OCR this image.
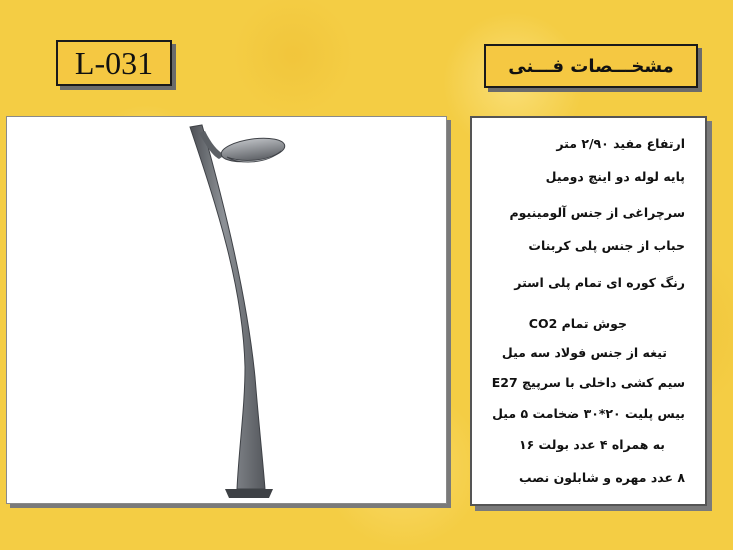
L-031	مشخـــصات فـــنی
ارتفاع مفید ۲/۹۰ متر
پایه لوله دو اینچ دومیل
سرچراغی از جنس آلومینیوم
حباب از جنس پلی کربنات
رنگ کوره ای تمام پلی استر
جوش تمام CO2
تیغه از جنس فولاد سه میل
سیم کشی داخلی با سرپیچ E27
بیس پلیت ۲۰*۳۰ ضخامت ۵ میل
به همراه ۴ عدد بولت ۱۶
۸ عدد مهره و شابلون نصب
